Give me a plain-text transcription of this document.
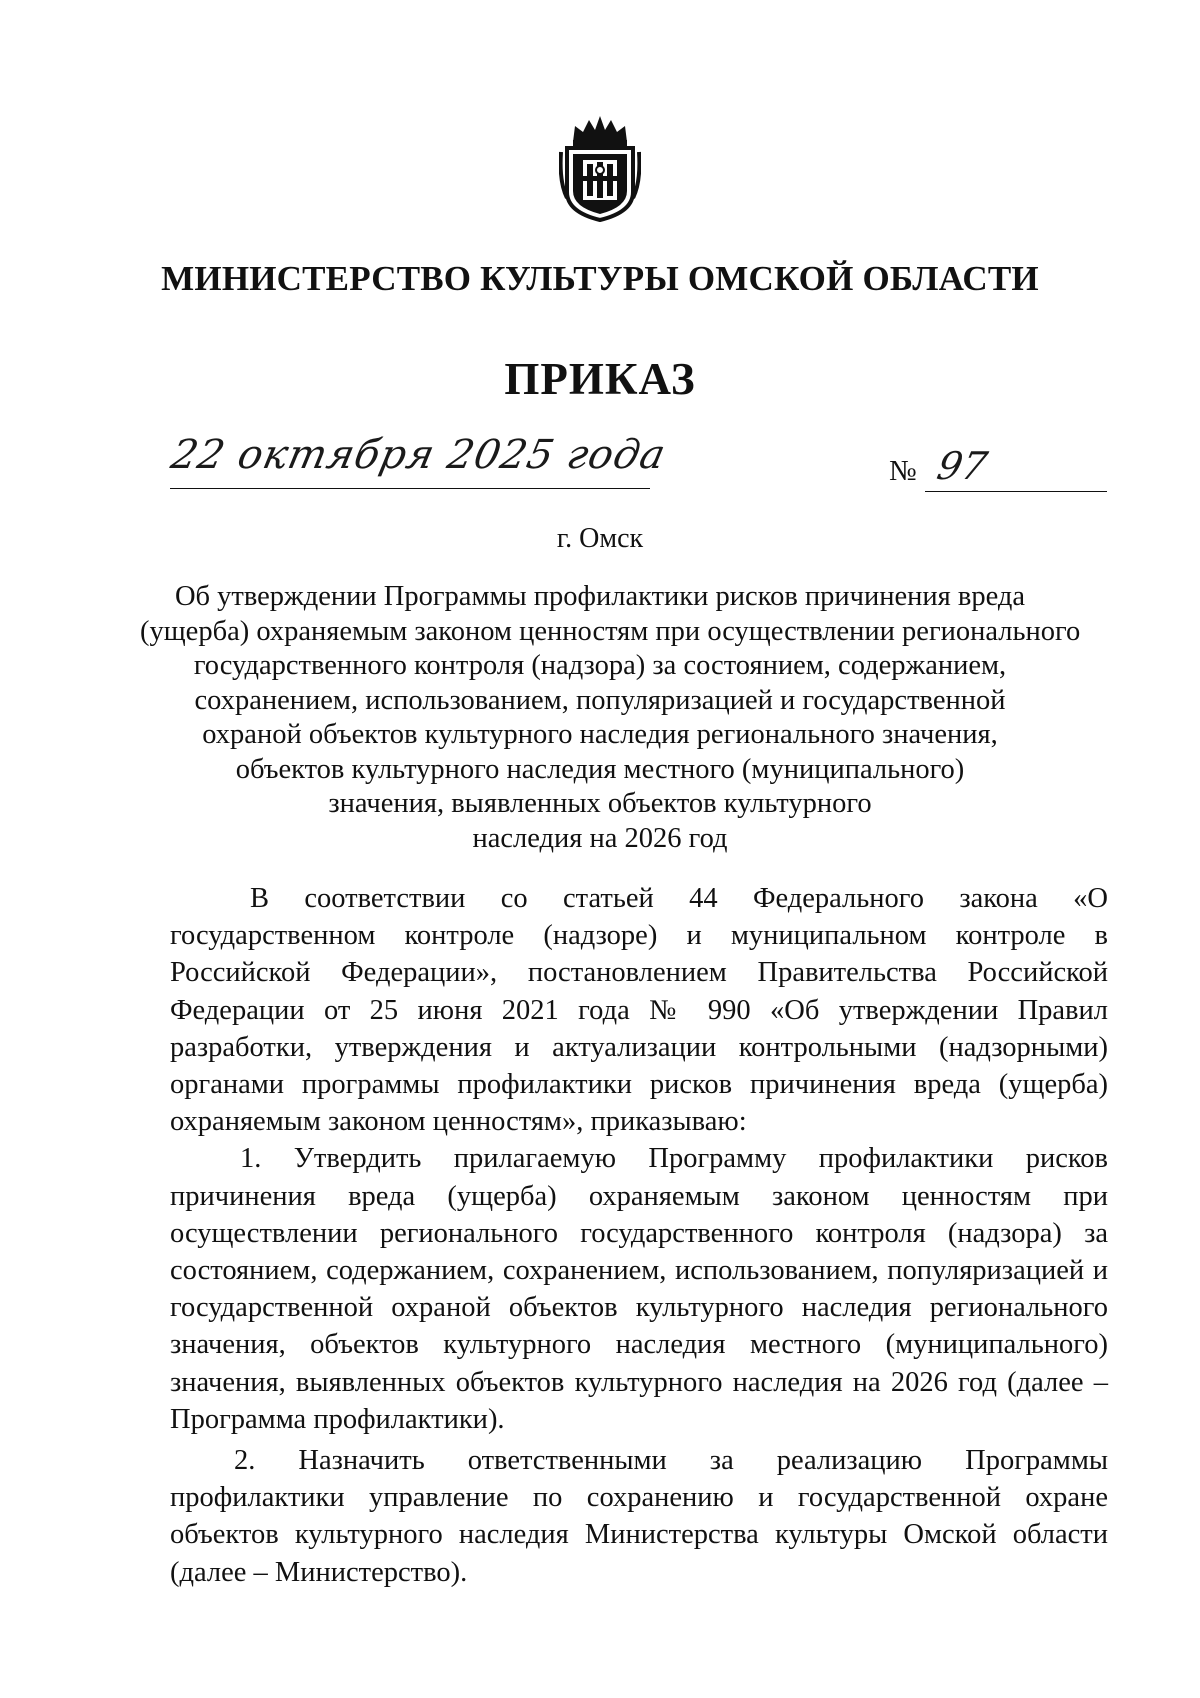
МИНИСТЕРСТВО КУЛЬТУРЫ ОМСКОЙ ОБЛАСТИ
ПРИКАЗ
22 октября 2025 года	№ 97
г. Омск
Об утверждении Программы профилактики рисков причинения вреда
(ущерба) охраняемым законом ценностям при осуществлении регионального
государственного контроля (надзора) за состоянием, содержанием,
сохранением, использованием, популяризацией и государственной
охраной объектов культурного наследия регионального значения,
объектов культурного наследия местного (муниципального)
значения, выявленных объектов культурного
наследия на 2026 год

В соответствии со статьей 44 Федерального закона «О государственном контроле (надзоре) и муниципальном контроле в Российской Федерации», постановлением Правительства Российской Федерации от 25 июня 2021 года № 990 «Об утверждении Правил разработки, утверждения и актуализации контрольными (надзорными) органами программы профилактики рисков причинения вреда (ущерба) охраняемым законом ценностям», приказываю:

1. Утвердить прилагаемую Программу профилактики рисков причинения вреда (ущерба) охраняемым законом ценностям при осуществлении регионального государственного контроля (надзора) за состоянием, содержанием, сохранением, использованием, популяризацией и государственной охраной объектов культурного наследия регионального значения, объектов культурного наследия местного (муниципального) значения, выявленных объектов культурного наследия на 2026 год (далее – Программа профилактики).

2. Назначить ответственными за реализацию Программы профилактики управление по сохранению и государственной охране объектов культурного наследия Министерства культуры Омской области (далее – Министерство).
